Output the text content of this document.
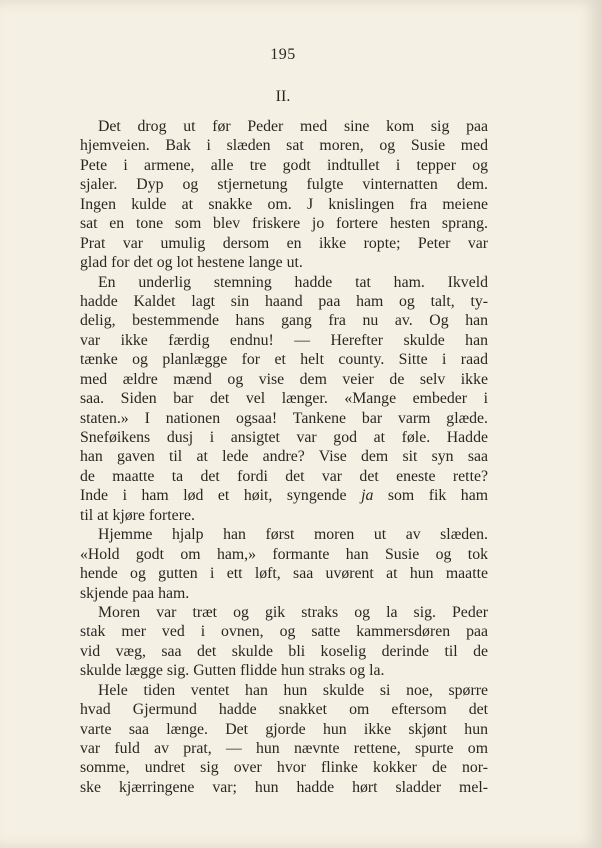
195
II.
Det drog ut før Peder med sine kom sig paa
hjemveien. Bak i slæden sat moren, og Susie med
Pete i armene, alle tre godt indtullet i tepper og
sjaler. Dyp og stjernetung fulgte vinternatten dem.
Ingen kulde at snakke om. J knislingen fra meiene
sat en tone som blev friskere jo fortere hesten sprang.
Prat var umulig dersom en ikke ropte; Peter var
glad for det og lot hestene lange ut.
En underlig stemning hadde tat ham. Ikveld
hadde Kaldet lagt sin haand paa ham og talt, ty-
delig, bestemmende hans gang fra nu av. Og han
var ikke færdig endnu! — Herefter skulde han
tænke og planlægge for et helt county. Sitte i raad
med ældre mænd og vise dem veier de selv ikke
saa. Siden bar det vel længer. «Mange embeder i
staten.» I nationen ogsaa! Tankene bar varm glæde.
Sneføikens dusj i ansigtet var god at føle. Hadde
han gaven til at lede andre? Vise dem sit syn saa
de maatte ta det fordi det var det eneste rette?
Inde i ham lød et høit, syngende ja som fik ham
til at kjøre fortere.
Hjemme hjalp han først moren ut av slæden.
«Hold godt om ham,» formante han Susie og tok
hende og gutten i ett løft, saa uvørent at hun maatte
skjende paa ham.
Moren var træt og gik straks og la sig. Peder
stak mer ved i ovnen, og satte kammersdøren paa
vid væg, saa det skulde bli koselig derinde til de
skulde lægge sig. Gutten flidde hun straks og la.
Hele tiden ventet han hun skulde si noe, spørre
hvad Gjermund hadde snakket om eftersom det
varte saa længe. Det gjorde hun ikke skjønt hun
var fuld av prat, — hun nævnte rettene, spurte om
somme, undret sig over hvor flinke kokker de nor-
ske kjærringene var; hun hadde hørt sladder mel-
